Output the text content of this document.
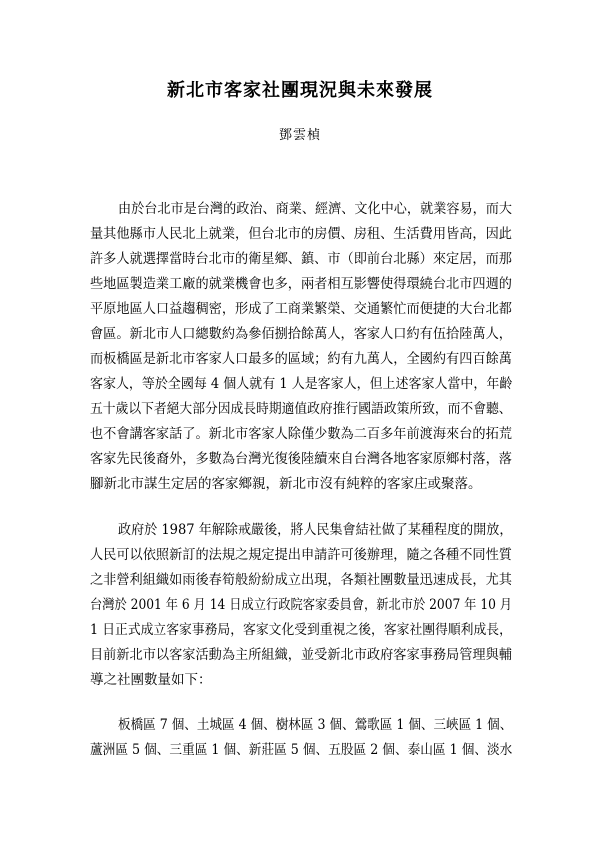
新北市客家社團現況與未來發展
鄧雲楨
由於台北市是台灣的政治、商業、經濟、文化中心，就業容易，而大
量其他縣市人民北上就業，但台北市的房價、房租、生活費用皆高，因此
許多人就選擇當時台北市的衛星鄉、鎮、市（即前台北縣）來定居，而那
些地區製造業工廠的就業機會也多，兩者相互影響使得環繞台北市四週的
平原地區人口益趨稠密，形成了工商業繁榮、交通繁忙而便捷的大台北都
會區。新北市人口總數約為參佰捌拾餘萬人，客家人口約有伍拾陸萬人，
而板橋區是新北市客家人口最多的區域；約有九萬人，全國約有四百餘萬
客家人，等於全國每 4 個人就有 1 人是客家人，但上述客家人當中，年齡
五十歲以下者絕大部分因成長時期適值政府推行國語政策所致，而不會聽、
也不會講客家話了。新北市客家人除僅少數為二百多年前渡海來台的拓荒
客家先民後裔外，多數為台灣光復後陸續來自台灣各地客家原鄉村落，落
腳新北市謀生定居的客家鄉親，新北市沒有純粹的客家庄或聚落。
政府於 1987 年解除戒嚴後，將人民集會結社做了某種程度的開放，
人民可以依照新訂的法規之規定提出申請許可後辦理，隨之各種不同性質
之非營利組織如雨後春筍般紛紛成立出現，各類社團數量迅速成長，尤其
台灣於 2001 年 6 月 14 日成立行政院客家委員會，新北市於 2007 年 10 月
1 日正式成立客家事務局，客家文化受到重視之後，客家社團得順利成長，
目前新北市以客家活動為主所組織，並受新北市政府客家事務局管理與輔
導之社團數量如下：
板橋區 7 個、土城區 4 個、樹林區 3 個、鶯歌區 1 個、三峽區 1 個、
蘆洲區 5 個、三重區 1 個、新莊區 5 個、五股區 2 個、泰山區 1 個、淡水
